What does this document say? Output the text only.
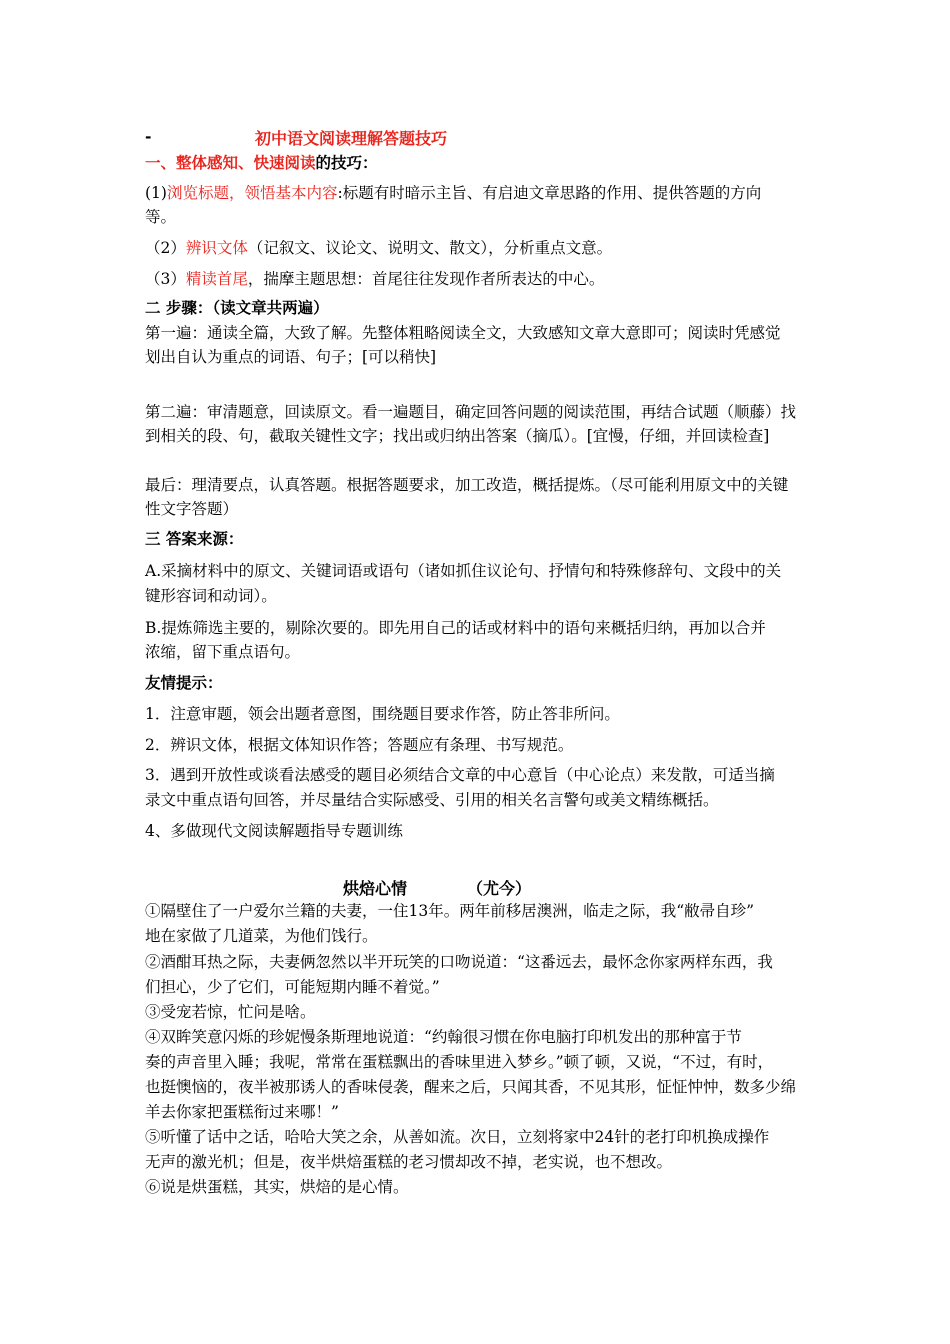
-	初中语文阅读理解答题技巧
一、整体感知、快速阅读的技巧：
(1)浏览标题，领悟基本内容:标题有时暗示主旨、有启迪文章思路的作用、提供答题的方向
等。
（2）辨识文体（记叙文、议论文、说明文、散文），分析重点文意。
（3）精读首尾，揣摩主题思想：首尾往往发现作者所表达的中心。
二 步骤：（读文章共两遍）
第一遍：通读全篇，大致了解。先整体粗略阅读全文，大致感知文章大意即可；阅读时凭感觉
划出自认为重点的词语、句子；[可以稍快]
第二遍：审清题意，回读原文。看一遍题目，确定回答问题的阅读范围，再结合试题（顺藤）找
到相关的段、句，截取关键性文字；找出或归纳出答案（摘瓜）。[宜慢，仔细，并回读检查]
最后：理清要点，认真答题。根据答题要求，加工改造，概括提炼。（尽可能利用原文中的关键
性文字答题）
三 答案来源：
A.采摘材料中的原文、关键词语或语句（诸如抓住议论句、抒情句和特殊修辞句、文段中的关
键形容词和动词）。
B.提炼筛选主要的，剔除次要的。即先用自己的话或材料中的语句来概括归纳，再加以合并
浓缩，留下重点语句。
友情提示：
1．注意审题，领会出题者意图，围绕题目要求作答，防止答非所问。
2．辨识文体，根据文体知识作答；答题应有条理、书写规范。
3．遇到开放性或谈看法感受的题目必须结合文章的中心意旨（中心论点）来发散，可适当摘
录文中重点语句回答，并尽量结合实际感受、引用的相关名言警句或美文精练概括。
4、多做现代文阅读解题指导专题训练
烘焙心情	（尤今）
①隔壁住了一户爱尔兰籍的夫妻，一住13年。两年前移居澳洲，临走之际，我“敝帚自珍”
地在家做了几道菜，为他们饯行。
②酒酣耳热之际，夫妻俩忽然以半开玩笑的口吻说道：“这番远去，最怀念你家两样东西，我
们担心，少了它们，可能短期内睡不着觉。”
③受宠若惊，忙问是啥。
④双眸笑意闪烁的珍妮慢条斯理地说道：“约翰很习惯在你电脑打印机发出的那种富于节
奏的声音里入睡；我呢，常常在蛋糕飘出的香味里进入梦乡。”顿了顿，又说，“不过，有时，
也挺懊恼的，夜半被那诱人的香味侵袭，醒来之后，只闻其香，不见其形，怔怔忡忡，数多少绵
羊去你家把蛋糕衔过来哪！”
⑤听懂了话中之话，哈哈大笑之余，从善如流。次日，立刻将家中24针的老打印机换成操作
无声的激光机；但是，夜半烘焙蛋糕的老习惯却改不掉，老实说，也不想改。
⑥说是烘蛋糕，其实，烘焙的是心情。
